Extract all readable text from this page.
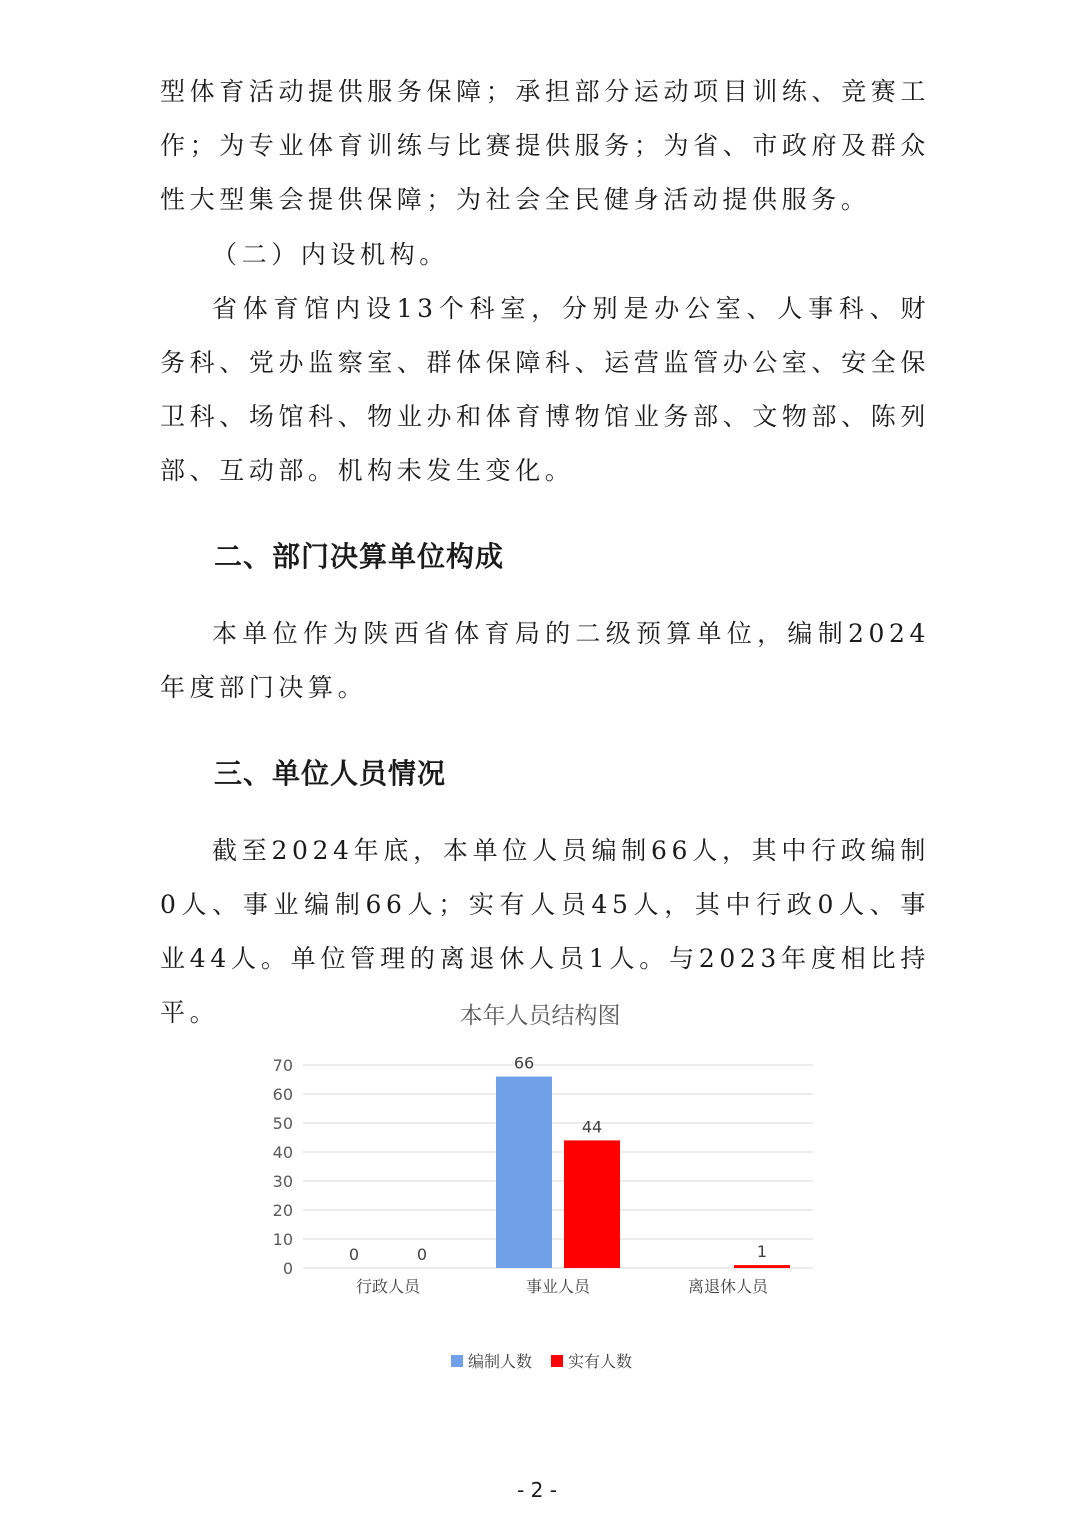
型体育活动提供服务保障；承担部分运动项目训练、竞赛工作；为专业体育训练与比赛提供服务；为省、市政府及群众性大型集会提供保障；为社会全民健身活动提供服务。

（二）内设机构。

省体育馆内设13个科室，分别是办公室、人事科、财务科、党办监察室、群体保障科、运营监管办公室、安全保卫科、场馆科、物业办和体育博物馆业务部、文物部、陈列部、互动部。机构未发生变化。

二、部门决算单位构成

本单位作为陕西省体育局的二级预算单位，编制2024年度部门决算。

三、单位人员情况

截至2024年底，本单位人员编制66人，其中行政编制0人、事业编制66人；实有人员45人，其中行政0人、事业44人。单位管理的离退休人员1人。与2023年度相比持平。	本年人员结构图
0
10
20
30
40
50
60
70
行政人员
0	0
事业人员
66
44
离退休人员
1
编制人数 实有人数
- 2 -
